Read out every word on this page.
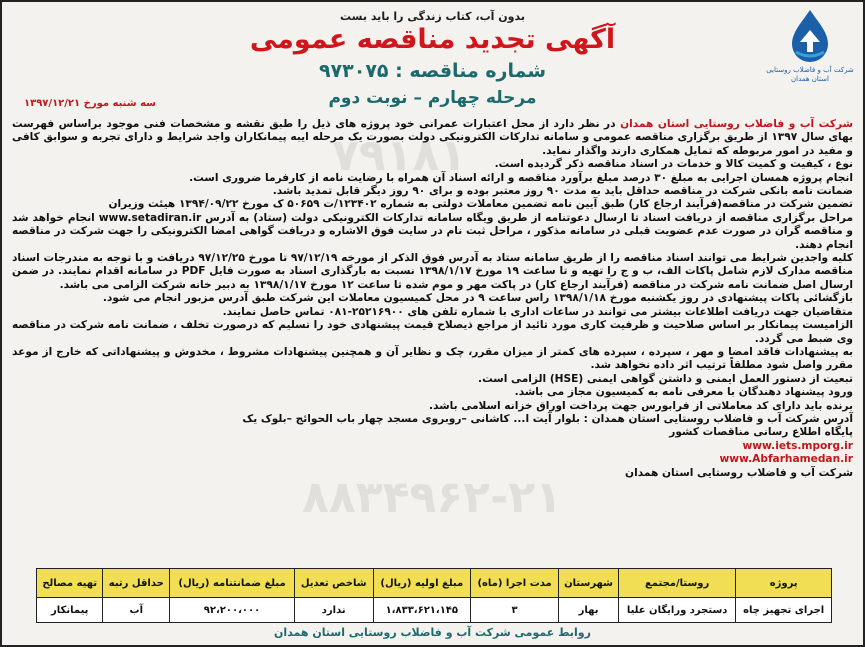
۷۹۱۸۱
۸۸۳۴۹۶۲-۲۱
شرکت آب و فاضلاب روستایی استان همدان
بدون آب، کتاب زندگی را باید بست
آگهی تجدید مناقصه عمومی
شماره مناقصه : ۹۷۳۰۷۵
مرحله چهارم – نوبت دوم
سه شنبه مورخ ۱۳۹۷/۱۲/۲۱

شرکت آب و فاضلاب روستایی استان همدان در نظر دارد از محل اعتبارات عمرانی خود پروژه های ذیل را طبق نقشه و مشخصات فنی موجود براساس فهرست بهای سال ۱۳۹۷ از طریق برگزاری مناقصه عمومی و سامانه تدارکات الکترونیکی دولت بصورت یک مرحله ایبه پیمانکاران واجد شرایط و دارای تجربه و سوابق کافی و مفید در امور مربوطه که تمایل همکاری دارند واگذار نماید.

نوع ، کیفیت و کمیت کالا و خدمات در اسناد مناقصه ذکر گردیده است.

انجام پروژه همسان اجرایی به مبلغ ۳۰ درصد مبلغ برآورد مناقصه و ارائه اسناد آن همراه با رضایت نامه از کارفرما ضروری است.

ضمانت نامه بانکی شرکت در مناقصه حداقل باید به مدت ۹۰ روز معتبر بوده و برای ۹۰ روز دیگر قابل تمدید باشد.

تضمین شرکت در مناقصه(فرآیند ارجاع کار) طبق آیین نامه تضمین معاملات دولتی به شماره ۱۲۳۴۰۲/ت ۵۰۶۵۹ ک مورخ ۱۳۹۴/۰۹/۲۲ هیئت وزیران

مراحل برگزاری مناقصه از دریافت اسناد تا ارسال دعوتنامه از طریق ویگاه سامانه تدارکات الکترونیکی دولت (ستاد) به آدرس www.setadiran.ir انجام خواهد شد و مناقصه گران در صورت عدم عضویت قبلی در سامانه مذکور ، مراحل ثبت نام در سایت فوق الاشاره و دریافت گواهی امضا الکترونیکی را جهت شرکت در مناقصه انجام دهند.

کلیه واجدین شرایط می توانند اسناد مناقصه را از طریق سامانه ستاد به آدرس فوق الذکر از مورخه ۹۷/۱۲/۱۹ تا مورخ ۹۷/۱۲/۲۵ دریافت و با توجه به مندرجات اسناد مناقصه مدارک لازم شامل پاکات الف، ب و ج را تهیه و تا ساعت ۱۹ مورخ ۱۳۹۸/۱/۱۷ نسبت به بارگذاری اسناد به صورت فایل PDF در سامانه اقدام نمایند. در ضمن ارسال اصل ضمانت نامه شرکت در مناقصه (فرآیند ارجاع کار) در پاکت مهر و موم شده تا ساعت ۱۲ مورخ ۱۳۹۸/۱/۱۷ به دبیر خانه شرکت الزامی می باشد.

بازگشائی پاکات پیشنهادی در روز یکشنبه مورخ ۱۳۹۸/۱/۱۸ راس ساعت ۹ در محل کمیسیون معاملات این شرکت طبق آدرس مزبور انجام می شود.

متقاضیان جهت دریافت اطلاعات بیشتر می توانند در ساعات اداری با شماره تلفن های ۲۵۲۱۶۹۰۰-۰۸۱ تماس حاصل نمایند.

الزامیست پیمانکار بر اساس صلاحیت و ظرفیت کاری مورد تائید از مراجع ذیصلاح قیمت پیشنهادی خود را تسلیم که درصورت تخلف ، ضمانت نامه شرکت در مناقصه وی ضبط می گردد.

به پیشنهادات فاقد امضا و مهر ، سپرده ، سپرده های کمتر از میزان مقرر، چک و نظایر آن و همچنین پیشنهادات مشروط ، مخدوش و پیشنهاداتی که خارج از موعد مقرر واصل شود مطلقاً ترتیب اثر داده نخواهد شد.

تبعیت از دستور العمل ایمنی و داشتن گواهی ایمنی (HSE) الزامی است.

ورود پیشنهاد دهندگان با معرفی نامه به کمیسیون مجاز می باشد.

برنده باید دارای کد معاملاتی از فرابورس جهت پرداخت اوراق خزانه اسلامی باشد.

آدرس شرکت آب و فاضلاب روستایی استان همدان : بلوار آیت ا... کاشانی –روبروی مسجد چهار باب الحوائج –بلوک یک

پایگاه اطلاع رسانی مناقصات کشور

www.iets.mporg.ir

www.Abfarhamedan.ir

شرکت آب و فاضلاب روستایی استان همدان

پروژه	روستا/مجتمع	شهرستان	مدت اجرا (ماه)	مبلغ اولیه (ریال)	شاخص تعدیل	مبلغ ضمانتنامه (ریال)	حداقل رتبه	تهیه مصالح
اجرای تجهیز چاه	دستجرد ورایگان علیا	بهار	۳	۱،۸۳۳،۶۲۱،۱۴۵	ندارد	۹۲،۲۰۰،۰۰۰	آب	پیمانکار
روابط عمومی شرکت آب و فاضلاب روستایی استان همدان
